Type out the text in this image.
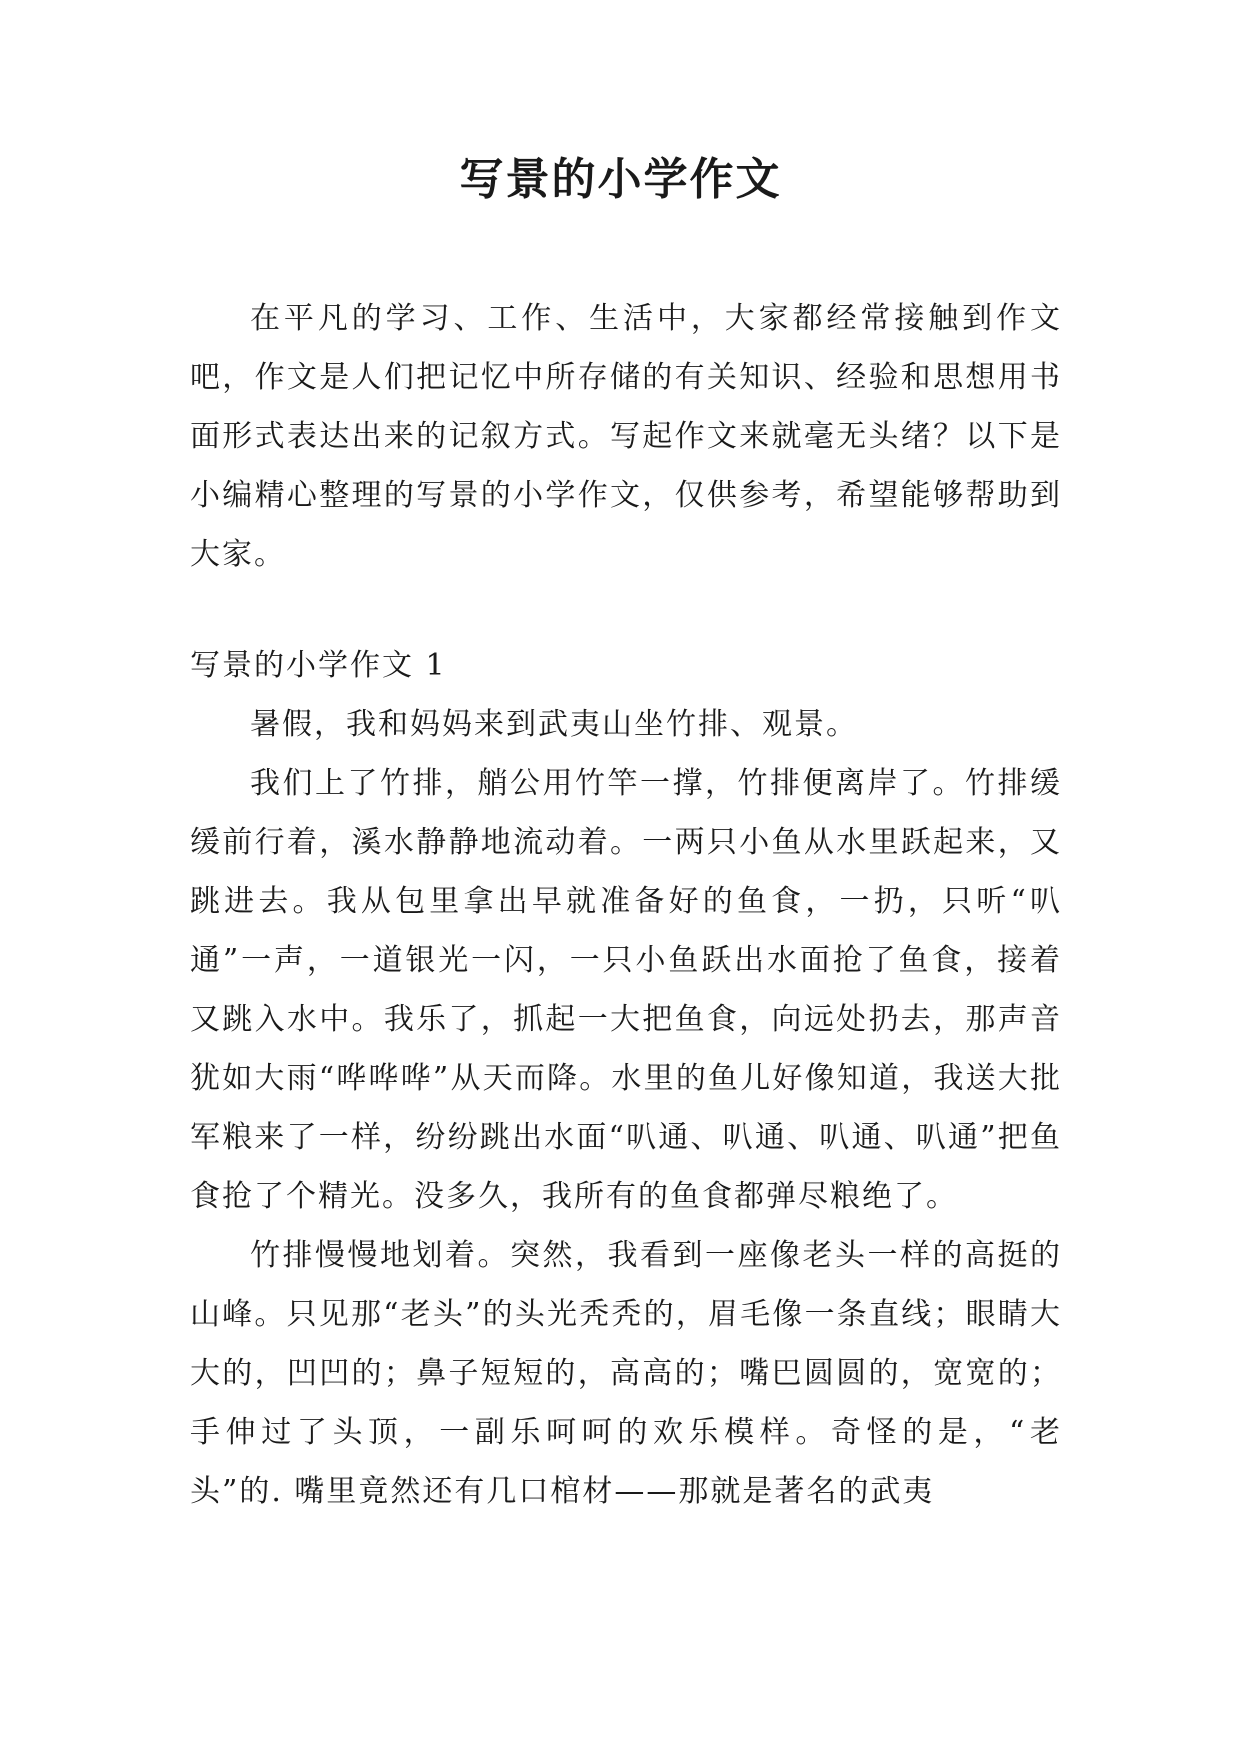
写景的小学作文

在平凡的学习、工作、生活中，大家都经常接触到作文吧，作文是人们把记忆中所存储的有关知识、经验和思想用书面形式表达出来的记叙方式。写起作文来就毫无头绪？以下是小编精心整理的写景的小学作文，仅供参考，希望能够帮助到大家。

写景的小学作文 1

暑假，我和妈妈来到武夷山坐竹排、观景。

我们上了竹排，艄公用竹竿一撑，竹排便离岸了。竹排缓缓前行着，溪水静静地流动着。一两只小鱼从水里跃起来，又跳进去。我从包里拿出早就准备好的鱼食，一扔，只听“叭通”一声，一道银光一闪，一只小鱼跃出水面抢了鱼食，接着又跳入水中。我乐了，抓起一大把鱼食，向远处扔去，那声音犹如大雨“哗哗哗”从天而降。水里的鱼儿好像知道，我送大批军粮来了一样，纷纷跳出水面“叭通、叭通、叭通、叭通”把鱼食抢了个精光。没多久，我所有的鱼食都弹尽粮绝了。

竹排慢慢地划着。突然，我看到一座像老头一样的高挺的山峰。只见那“老头”的头光秃秃的，眉毛像一条直线；眼睛大大的，凹凹的；鼻子短短的，高高的；嘴巴圆圆的，宽宽的；手伸过了头顶，一副乐呵呵的欢乐模样。奇怪的是，“老头”的. 嘴里竟然还有几口棺材——那就是著名的武夷
